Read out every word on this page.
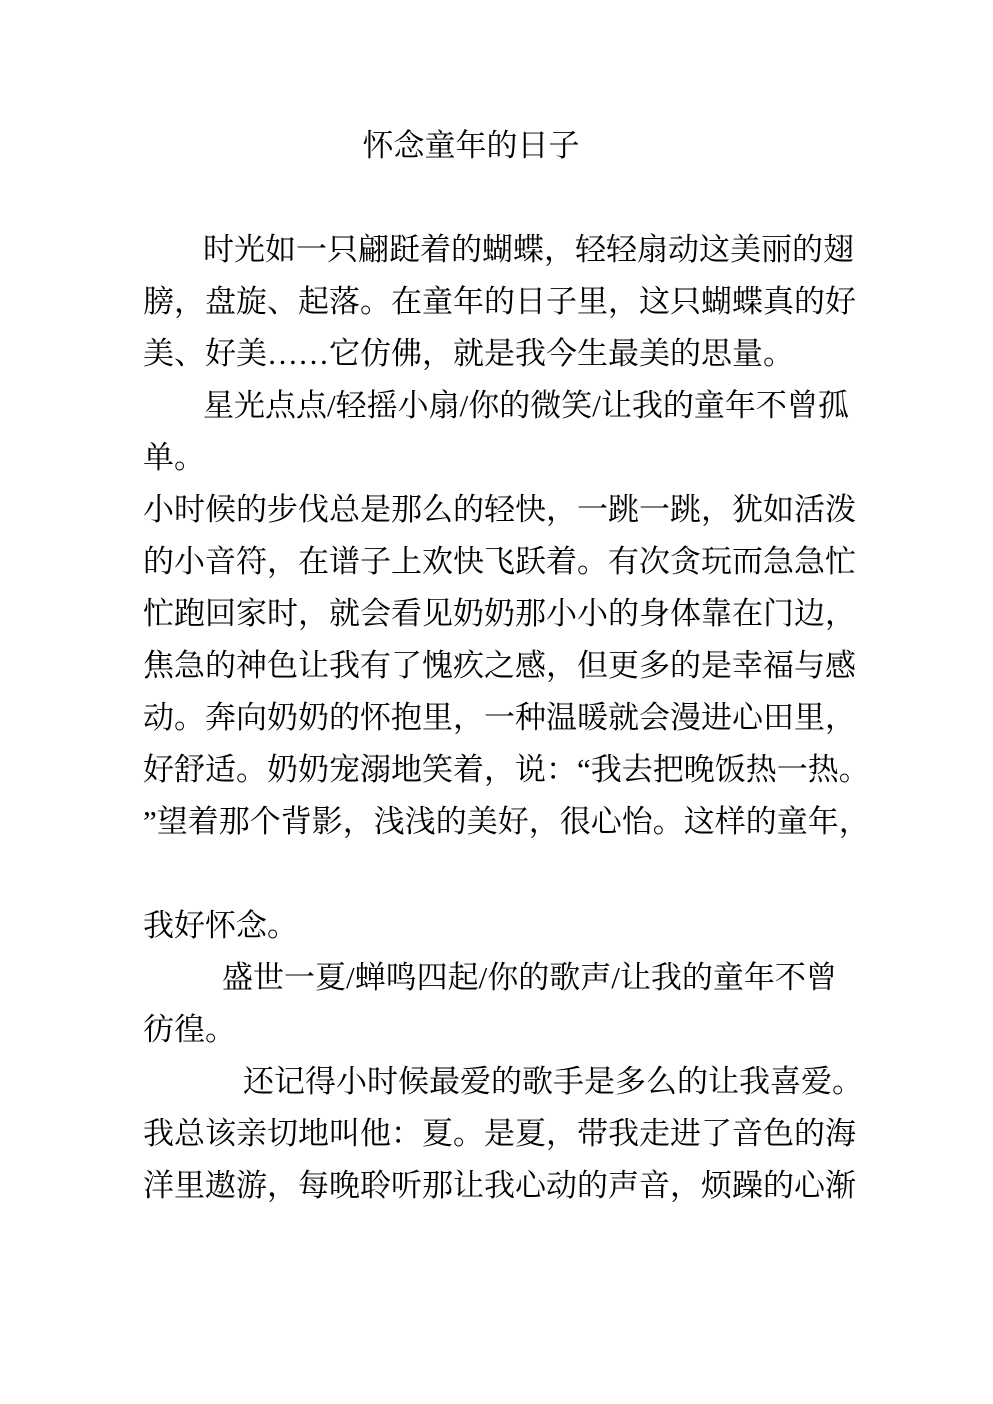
怀念童年的日子
时光如一只翩跹着的蝴蝶，轻轻扇动这美丽的翅
膀，盘旋、起落。在童年的日子里，这只蝴蝶真的好
美、好美……它仿佛，就是我今生最美的思量。
星光点点/轻摇小扇/你的微笑/让我的童年不曾孤
单。
小时候的步伐总是那么的轻快，一跳一跳，犹如活泼
的小音符，在谱子上欢快飞跃着。有次贪玩而急急忙
忙跑回家时，就会看见奶奶那小小的身体靠在门边，
焦急的神色让我有了愧疚之感，但更多的是幸福与感
动。奔向奶奶的怀抱里，一种温暖就会漫进心田里，
好舒适。奶奶宠溺地笑着，说：“我去把晚饭热一热。
”望着那个背影，浅浅的美好，很心怡。这样的童年，

我好怀念。
盛世一夏/蝉鸣四起/你的歌声/让我的童年不曾
彷徨。
还记得小时候最爱的歌手是多么的让我喜爱。
我总该亲切地叫他：夏。是夏，带我走进了音色的海
洋里遨游，每晚聆听那让我心动的声音，烦躁的心渐
